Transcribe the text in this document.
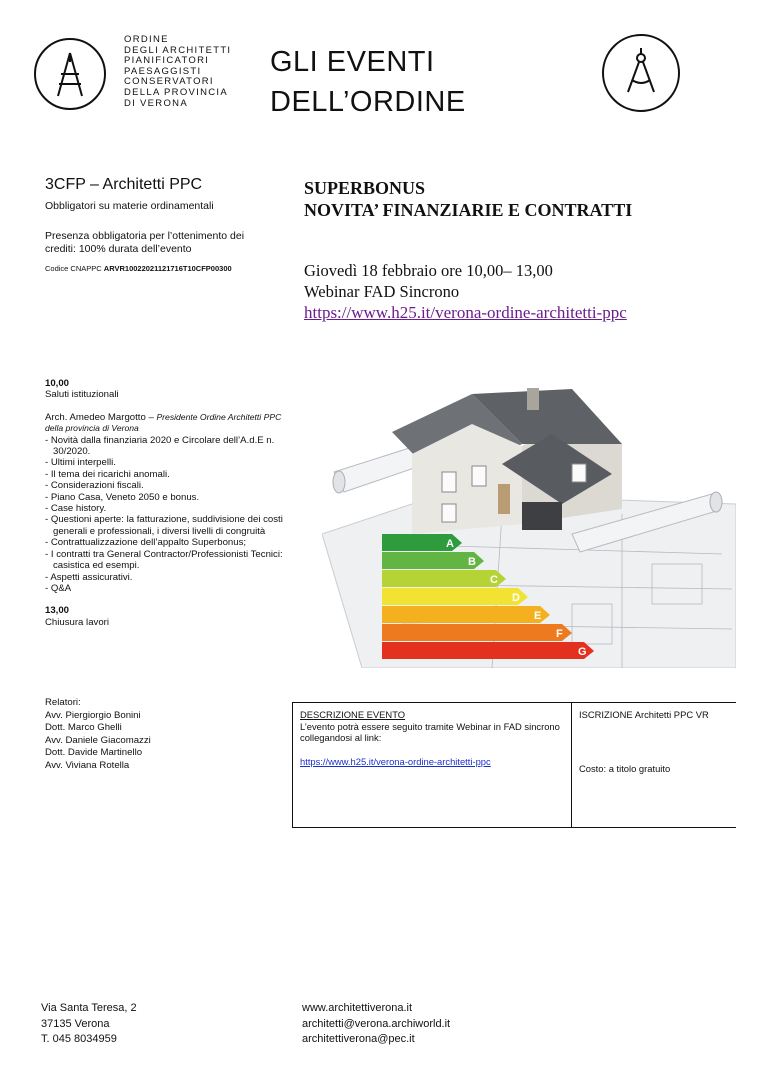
ORDINE
DEGLI ARCHITETTI
PIANIFICATORI
PAESAGGISTI
CONSERVATORI
DELLA PROVINCIA
DI VERONA
GLI EVENTI
DELL’ORDINE
3CFP – Architetti PPC
Obbligatori su materie ordinamentali
Presenza obbligatoria per l’ottenimento dei crediti: 100% durata dell’evento
Codice CNAPPC ARVR10022021121716T10CFP00300
SUPERBONUS
NOVITA’ FINANZIARIE E CONTRATTI
Giovedì 18 febbraio ore 10,00– 13,00
Webinar FAD Sincrono
https://www.h25.it/verona-ordine-architetti-ppc
10,00
Saluti istituzionali
Arch. Amedeo Margotto – Presidente Ordine Architetti PPC della provincia di Verona
- Novità dalla finanziaria 2020 e Circolare dell’A.d.E n. 30/2020.
- Ultimi interpelli.
- Il tema dei ricarichi anomali.
- Considerazioni fiscali.
- Piano Casa, Veneto 2050 e bonus.
- Case history.
- Questioni aperte: la fatturazione, suddivisione dei costi generali e professionali, i diversi livelli di congruità
- Contrattualizzazione dell’appalto Superbonus;
- I contratti tra General Contractor/Professionisti Tecnici: casistica ed esempi.
- Aspetti assicurativi.
- Q&A
13,00
Chiusura lavori
A
B
C
D
E
F
G
Relatori:
Avv. Piergiorgio Bonini
Dott. Marco Ghelli
Avv. Daniele Giacomazzi
Dott. Davide Martinello
Avv. Viviana Rotella
DESCRIZIONE EVENTO
L’evento potrà essere seguito tramite Webinar in FAD sincrono collegandosi al link:
https://www.h25.it/verona-ordine-architetti-ppc
ISCRIZIONE Architetti PPC VR
Costo: a titolo gratuito
Via Santa Teresa, 2
37135 Verona
T. 045 8034959
www.architettiverona.it
architetti@verona.archiworld.it
architettiverona@pec.it
